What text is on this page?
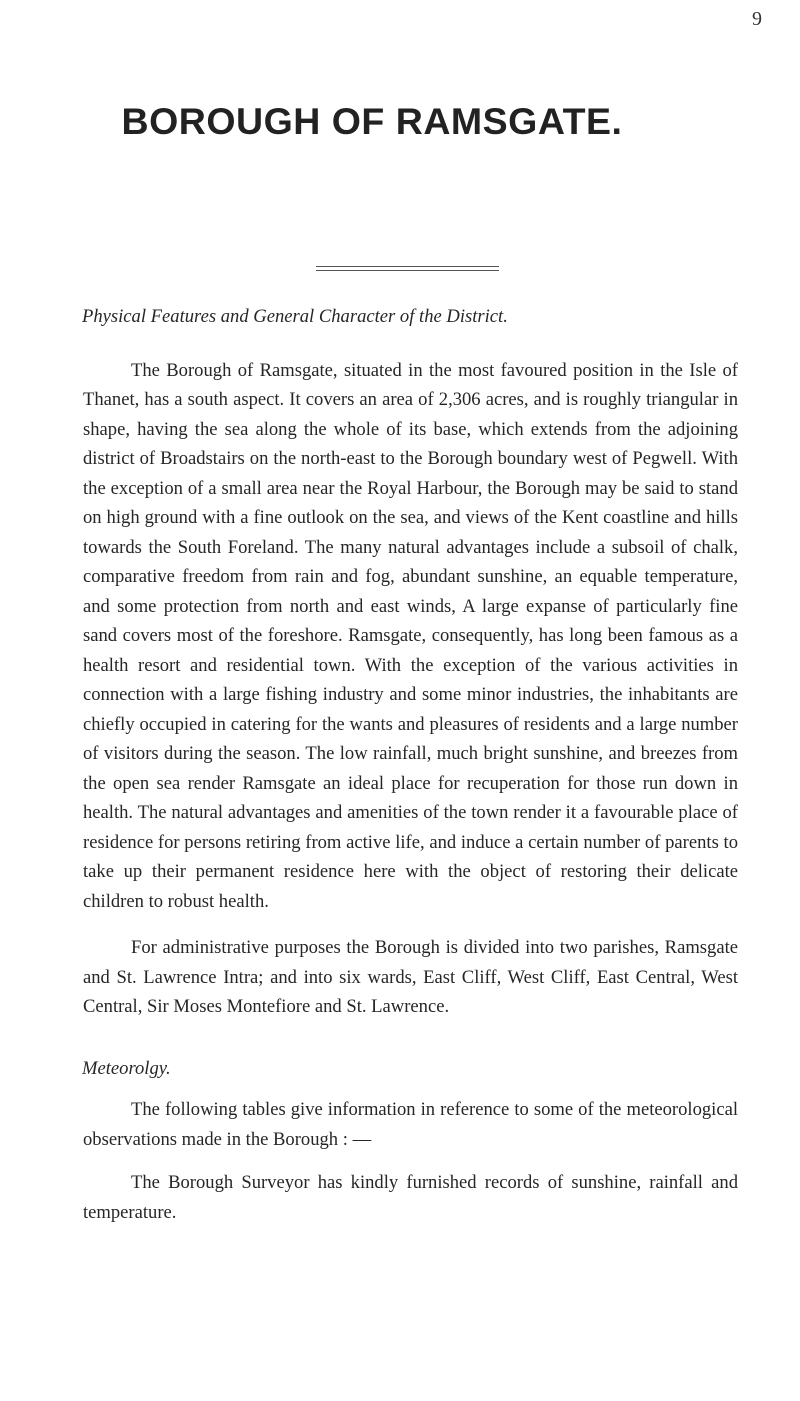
9
BOROUGH OF RAMSGATE.

Physical Features and General Character of the District.

The Borough of Ramsgate, situated in the most favoured position in the Isle of Thanet, has a south aspect. It covers an area of 2,306 acres, and is roughly triangular in shape, having the sea along the whole of its base, which extends from the adjoining district of Broadstairs on the north-east to the Borough boundary west of Pegwell. With the exception of a small area near the Royal Harbour, the Borough may be said to stand on high ground with a fine outlook on the sea, and views of the Kent coastline and hills towards the South Foreland. The many natural advantages include a subsoil of chalk, comparative freedom from rain and fog, abundant sunshine, an equable temperature, and some protection from north and east winds, A large expanse of particularly fine sand covers most of the foreshore. Ramsgate, consequently, has long been famous as a health resort and residential town. With the exception of the various activities in connection with a large fishing industry and some minor industries, the inhabitants are chiefly occupied in catering for the wants and pleasures of residents and a large number of visitors during the season. The low rainfall, much bright sunshine, and breezes from the open sea render Ramsgate an ideal place for recuperation for those run down in health. The natural advantages and amenities of the town render it a favourable place of residence for persons retiring from active life, and induce a certain number of parents to take up their permanent residence here with the object of restoring their delicate children to robust health.

For administrative purposes the Borough is divided into two parishes, Ramsgate and St. Lawrence Intra; and into six wards, East Cliff, West Cliff, East Central, West Central, Sir Moses Montefiore and St. Lawrence.

Meteorolgy.

The following tables give information in reference to some of the meteorological observations made in the Borough : —

The Borough Surveyor has kindly furnished records of sunshine, rainfall and temperature.
